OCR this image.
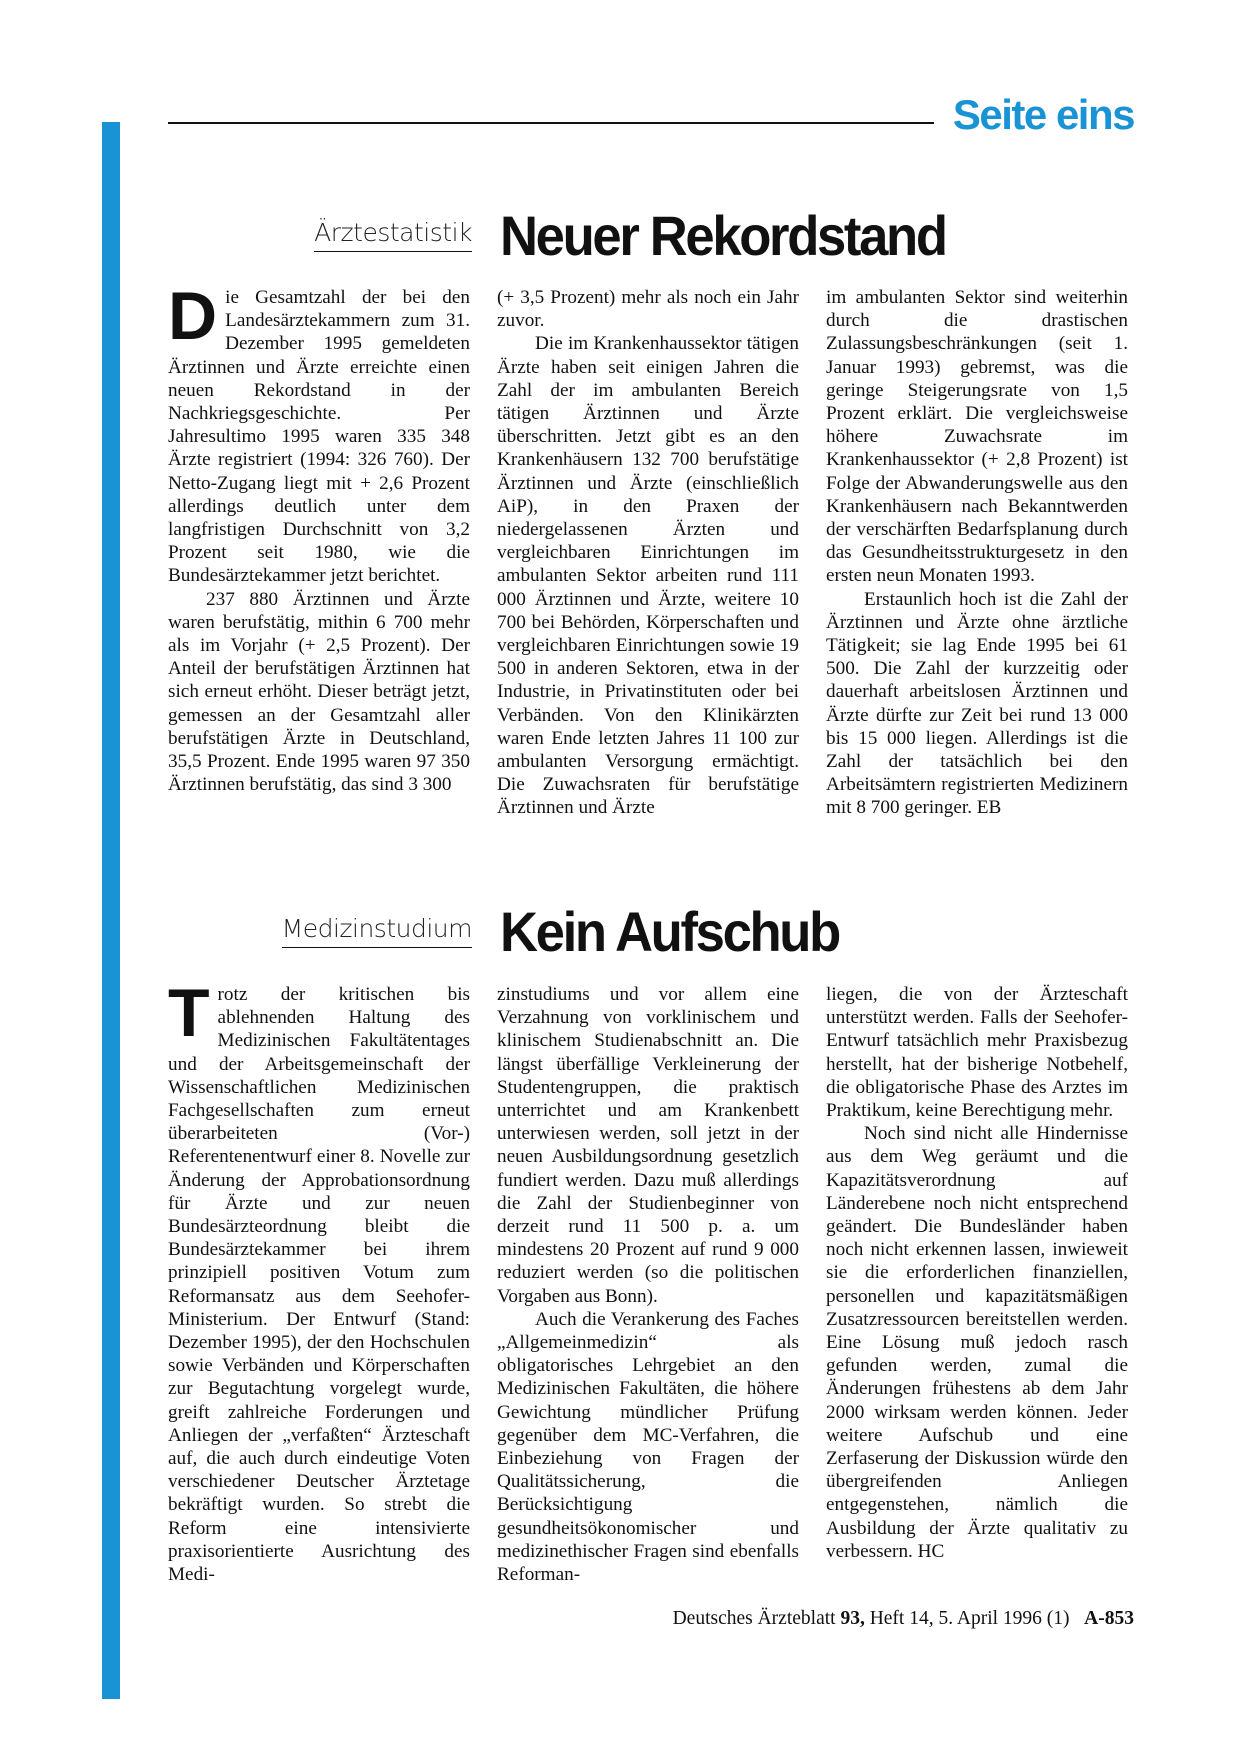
Seite eins
Ärztestatistik Neuer Rekordstand

Die Gesamtzahl der bei den Landesärztekammern zum 31. Dezember 1995 gemeldeten Ärztinnen und Ärzte erreichte einen neuen Rekordstand in der Nachkriegsgeschichte. Per Jahresultimo 1995 waren 335 348 Ärzte registriert (1994: 326 760). Der Netto-Zugang liegt mit + 2,6 Prozent allerdings deutlich unter dem langfristigen Durchschnitt von 3,2 Prozent seit 1980, wie die Bundesärztekammer jetzt berichtet.

237 880 Ärztinnen und Ärzte waren berufstätig, mithin 6 700 mehr als im Vorjahr (+ 2,5 Prozent). Der Anteil der berufstätigen Ärztinnen hat sich erneut erhöht. Dieser beträgt jetzt, gemessen an der Gesamtzahl aller berufstätigen Ärzte in Deutschland, 35,5 Prozent. Ende 1995 waren 97 350 Ärztinnen berufstätig, das sind 3 300

(+ 3,5 Prozent) mehr als noch ein Jahr zuvor.

Die im Krankenhaussektor tätigen Ärzte haben seit einigen Jahren die Zahl der im ambulanten Bereich tätigen Ärztinnen und Ärzte überschritten. Jetzt gibt es an den Krankenhäusern 132 700 berufstätige Ärztinnen und Ärzte (einschließlich AiP), in den Praxen der niedergelassenen Ärzten und vergleichbaren Einrichtungen im ambulanten Sektor arbeiten rund 111 000 Ärztinnen und Ärzte, weitere 10 700 bei Behörden, Körperschaften und vergleichbaren Einrichtungen sowie 19 500 in anderen Sektoren, etwa in der Industrie, in Privatinstituten oder bei Verbänden. Von den Klinikärzten waren Ende letzten Jahres 11 100 zur ambulanten Versorgung ermächtigt. Die Zuwachsraten für berufstätige Ärztinnen und Ärzte

im ambulanten Sektor sind weiterhin durch die drastischen Zulassungsbeschränkungen (seit 1. Januar 1993) gebremst, was die geringe Steigerungsrate von 1,5 Prozent erklärt. Die vergleichsweise höhere Zuwachsrate im Krankenhaussektor (+ 2,8 Prozent) ist Folge der Abwanderungswelle aus den Krankenhäusern nach Bekanntwerden der verschärften Bedarfsplanung durch das Gesundheitsstrukturgesetz in den ersten neun Monaten 1993.

Erstaunlich hoch ist die Zahl der Ärztinnen und Ärzte ohne ärztliche Tätigkeit; sie lag Ende 1995 bei 61 500. Die Zahl der kurzzeitig oder dauerhaft arbeitslosen Ärztinnen und Ärzte dürfte zur Zeit bei rund 13 000 bis 15 000 liegen. Allerdings ist die Zahl der tatsächlich bei den Arbeitsämtern registrierten Medizinern mit 8 700 geringer. EB

Medizinstudium Kein Aufschub

Trotz der kritischen bis ablehnenden Haltung des Medizinischen Fakultätentages und der Arbeitsgemeinschaft der Wissenschaftlichen Medizinischen Fachgesellschaften zum erneut überarbeiteten (Vor-) Referentenentwurf einer 8. Novelle zur Änderung der Approbationsordnung für Ärzte und zur neuen Bundesärzteordnung bleibt die Bundesärztekammer bei ihrem prinzipiell positiven Votum zum Reformansatz aus dem Seehofer-Ministerium. Der Entwurf (Stand: Dezember 1995), der den Hochschulen sowie Verbänden und Körperschaften zur Begutachtung vorgelegt wurde, greift zahlreiche Forderungen und Anliegen der „verfaßten“ Ärzteschaft auf, die auch durch eindeutige Voten verschiedener Deutscher Ärztetage bekräftigt wurden. So strebt die Reform eine intensivierte praxisorientierte Ausrichtung des Medi-

zinstudiums und vor allem eine Verzahnung von vorklinischem und klinischem Studienabschnitt an. Die längst überfällige Verkleinerung der Studentengruppen, die praktisch unterrichtet und am Krankenbett unterwiesen werden, soll jetzt in der neuen Ausbildungsordnung gesetzlich fundiert werden. Dazu muß allerdings die Zahl der Studienbeginner von derzeit rund 11 500 p. a. um mindestens 20 Prozent auf rund 9 000 reduziert werden (so die politischen Vorgaben aus Bonn).

Auch die Verankerung des Faches „Allgemeinmedizin“ als obligatorisches Lehrgebiet an den Medizinischen Fakultäten, die höhere Gewichtung mündlicher Prüfung gegenüber dem MC-Verfahren, die Einbeziehung von Fragen der Qualitätssicherung, die Berücksichtigung gesundheitsökonomischer und medizinethischer Fragen sind ebenfalls Reforman-

liegen, die von der Ärzteschaft unterstützt werden. Falls der Seehofer-Entwurf tatsächlich mehr Praxisbezug herstellt, hat der bisherige Notbehelf, die obligatorische Phase des Arztes im Praktikum, keine Berechtigung mehr.

Noch sind nicht alle Hindernisse aus dem Weg geräumt und die Kapazitätsverordnung auf Länderebene noch nicht entsprechend geändert. Die Bundesländer haben noch nicht erkennen lassen, inwieweit sie die erforderlichen finanziellen, personellen und kapazitätsmäßigen Zusatzressourcen bereitstellen werden. Eine Lösung muß jedoch rasch gefunden werden, zumal die Änderungen frühestens ab dem Jahr 2000 wirksam werden können. Jeder weitere Aufschub und eine Zerfaserung der Diskussion würde den übergreifenden Anliegen entgegenstehen, nämlich die Ausbildung der Ärzte qualitativ zu verbessern. HC

Deutsches Ärzteblatt 93, Heft 14, 5. April 1996 (1) A-853
